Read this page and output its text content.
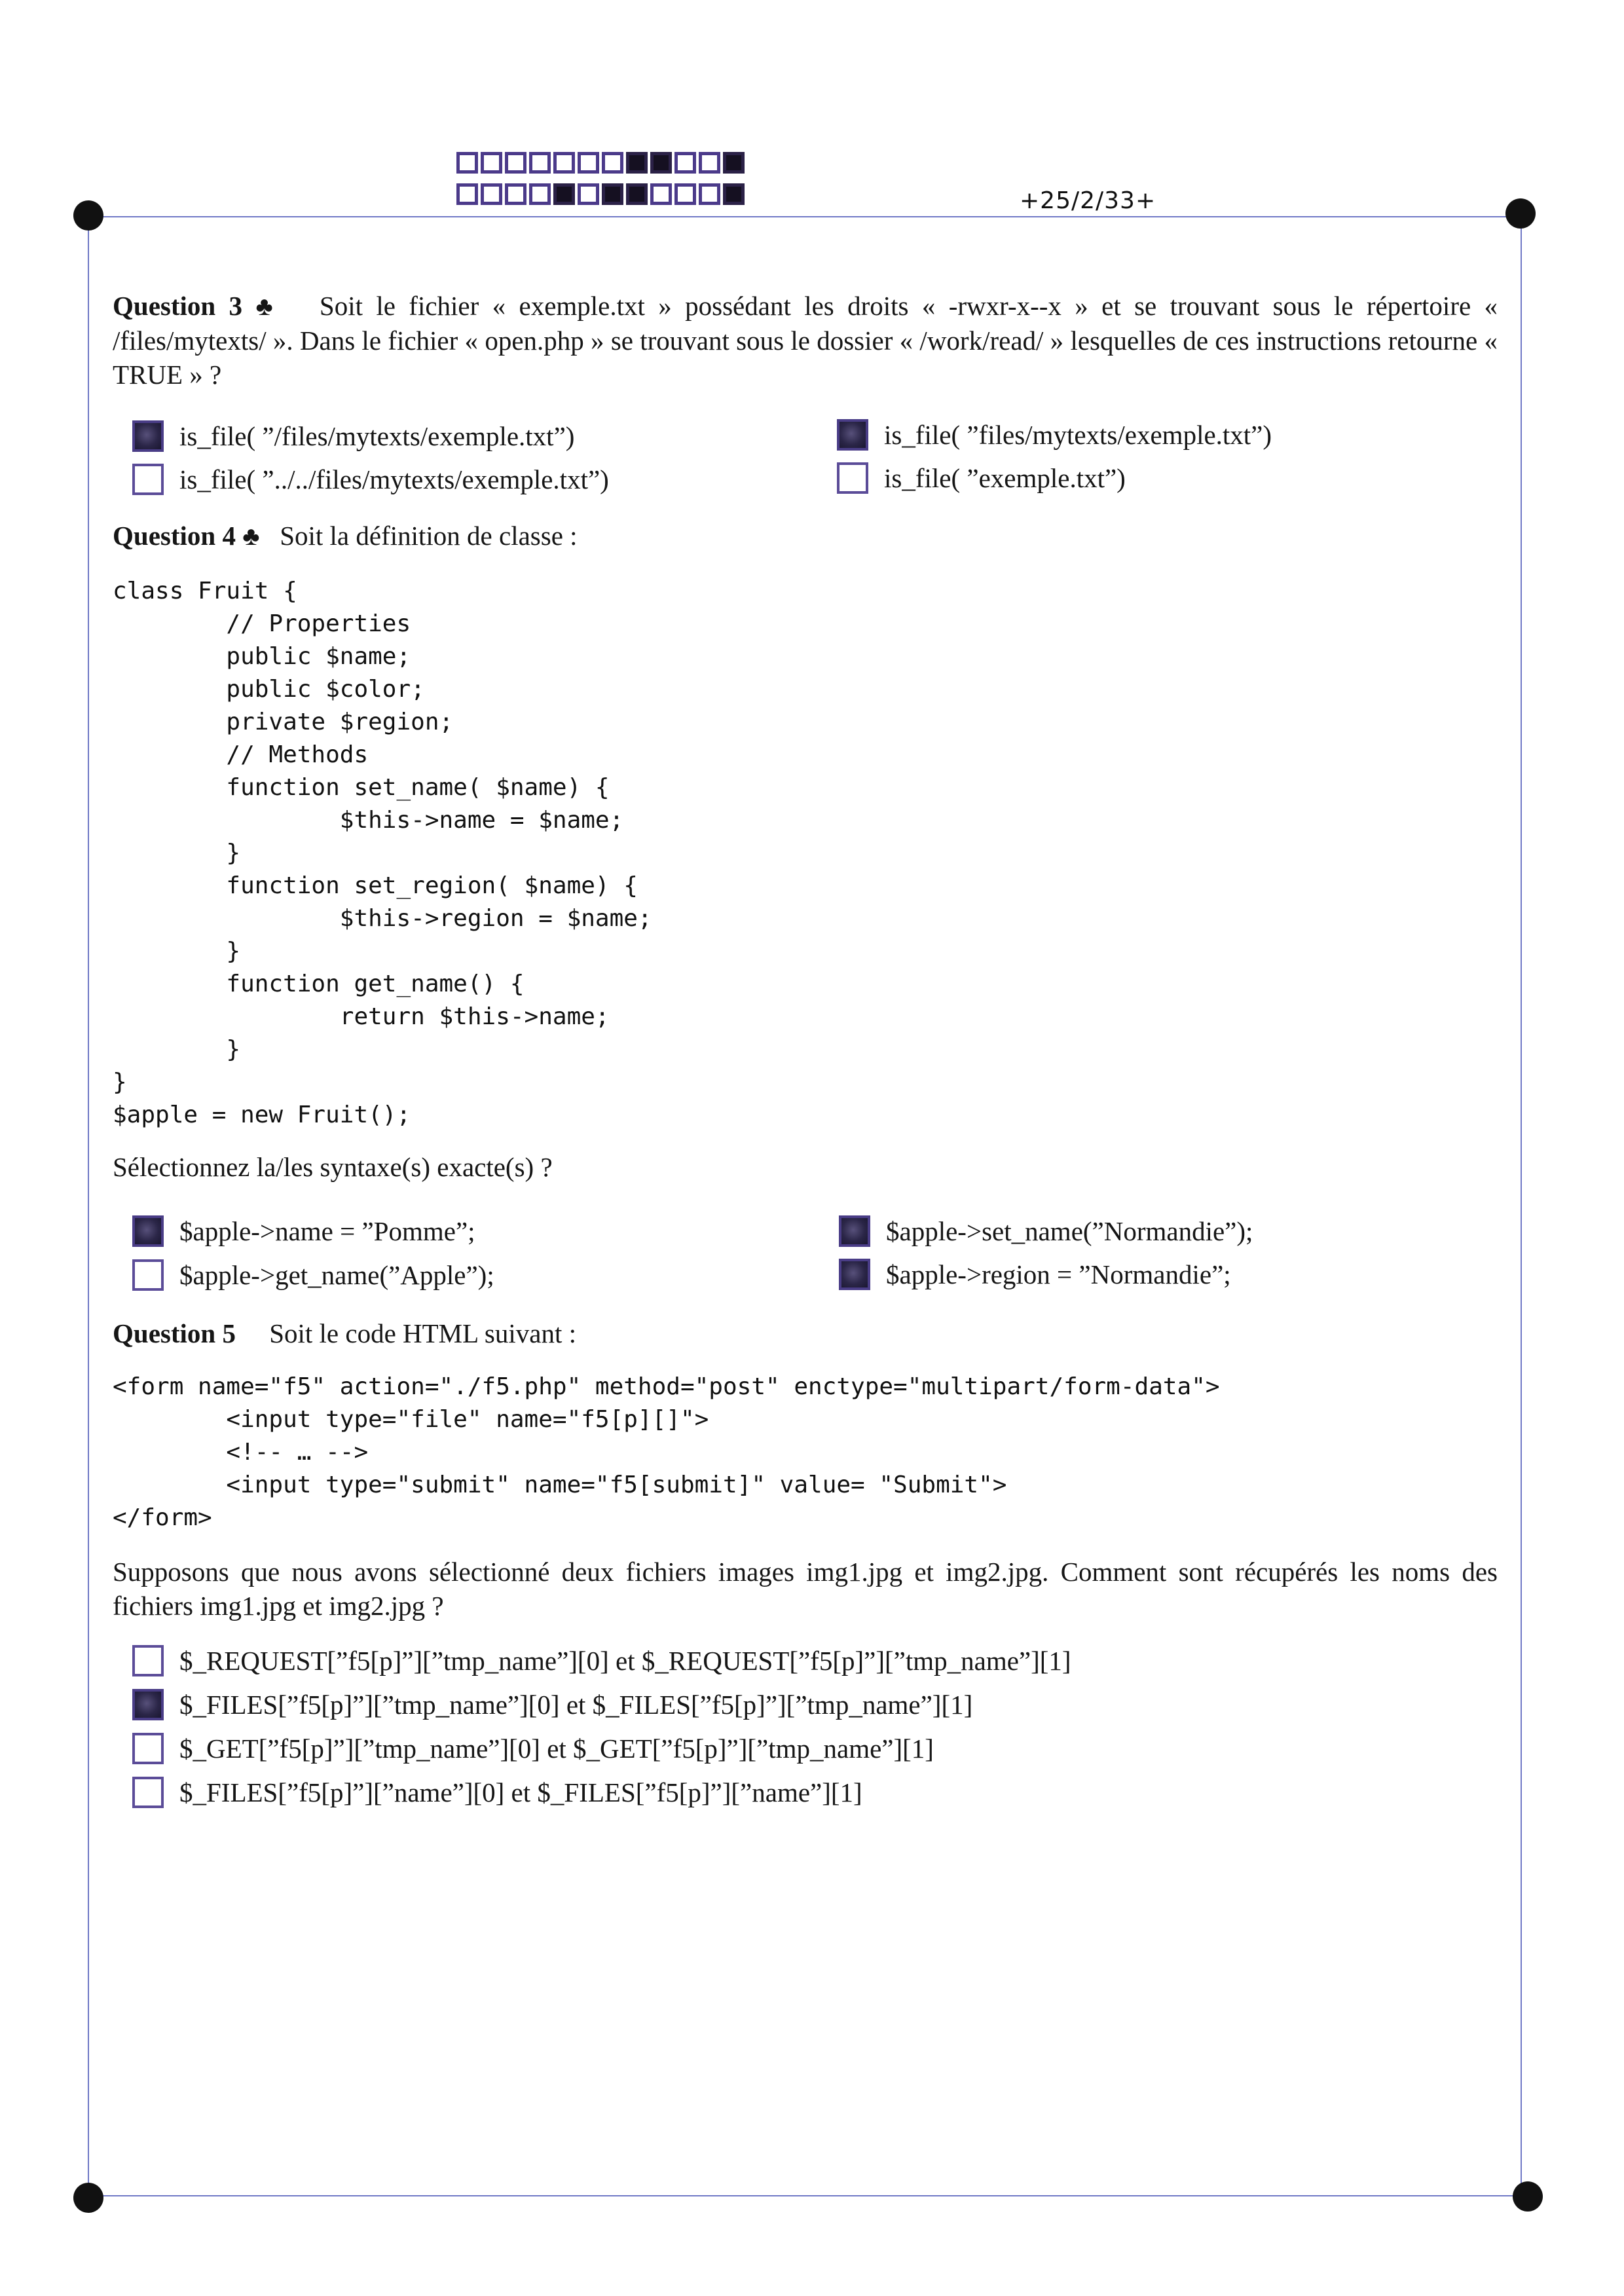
+25/2/33+
Question 3 ♣ Soit le fichier « exemple.txt » possédant les droits « -rwxr-x--x » et se trouvant sous le répertoire « /files/mytexts/ ». Dans le fichier « open.php » se trouvant sous le dossier « /work/read/ » lesquelles de ces instructions retourne « TRUE » ?
is_file( ”/files/mytexts/exemple.txt”)
is_file( ”../../files/mytexts/exemple.txt”)
is_file( ”files/mytexts/exemple.txt”)
is_file( ”exemple.txt”)
Question 4 ♣ Soit la définition de classe :
class Fruit {
// Properties
public $name;
public $color;
private $region;
// Methods
function set_name( $name) {
$this->name = $name;
}
function set_region( $name) {
$this->region = $name;
}
function get_name() {
return $this->name;
}
}
$apple = new Fruit();
Sélectionnez la/les syntaxe(s) exacte(s) ?
$apple->name = ”Pomme”;
$apple->get_name(”Apple”);
$apple->set_name(”Normandie”);
$apple->region = ”Normandie”;
Question 5 Soit le code HTML suivant :
<form name="f5" action="./f5.php" method="post" enctype="multipart/form-data">
<input type="file" name="f5[p][]">
<!-- … -->
<input type="submit" name="f5[submit]" value= "Submit">
</form>
Supposons que nous avons sélectionné deux fichiers images img1.jpg et img2.jpg. Comment sont récupérés les noms des fichiers img1.jpg et img2.jpg ?
$_REQUEST[”f5[p]”][”tmp_name”][0] et $_REQUEST[”f5[p]”][”tmp_name”][1]
$_FILES[”f5[p]”][”tmp_name”][0] et $_FILES[”f5[p]”][”tmp_name”][1]
$_GET[”f5[p]”][”tmp_name”][0] et $_GET[”f5[p]”][”tmp_name”][1]
$_FILES[”f5[p]”][”name”][0] et $_FILES[”f5[p]”][”name”][1]
